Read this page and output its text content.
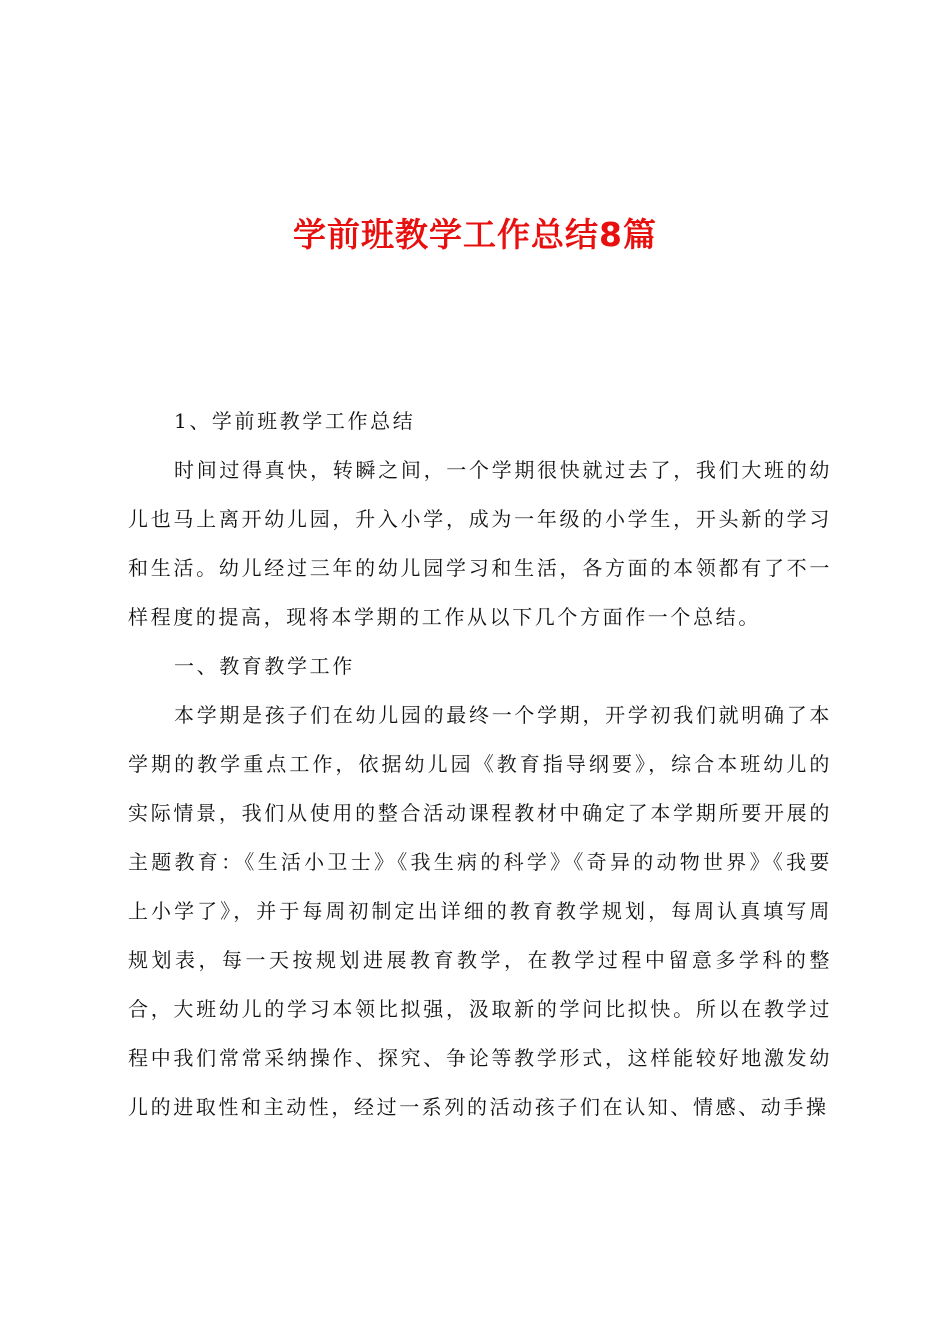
学前班教学工作总结8篇

1、学前班教学工作总结

时间过得真快，转瞬之间，一个学期很快就过去了，我们大班的幼儿也马上离开幼儿园，升入小学，成为一年级的小学生，开头新的学习和生活。幼儿经过三年的幼儿园学习和生活，各方面的本领都有了不一样程度的提高，现将本学期的工作从以下几个方面作一个总结。

一、教育教学工作

本学期是孩子们在幼儿园的最终一个学期，开学初我们就明确了本学期的教学重点工作，依据幼儿园《教育指导纲要》，综合本班幼儿的实际情景，我们从使用的整合活动课程教材中确定了本学期所要开展的主题教育：《生活小卫士》《我生病的科学》《奇异的动物世界》《我要上小学了》，并于每周初制定出详细的教育教学规划，每周认真填写周规划表，每一天按规划进展教育教学，在教学过程中留意多学科的整合，大班幼儿的学习本领比拟强，汲取新的学问比拟快。所以在教学过程中我们常常采纳操作、探究、争论等教学形式，这样能较好地激发幼儿的进取性和主动性，经过一系列的活动孩子们在认知、情感、动手操
